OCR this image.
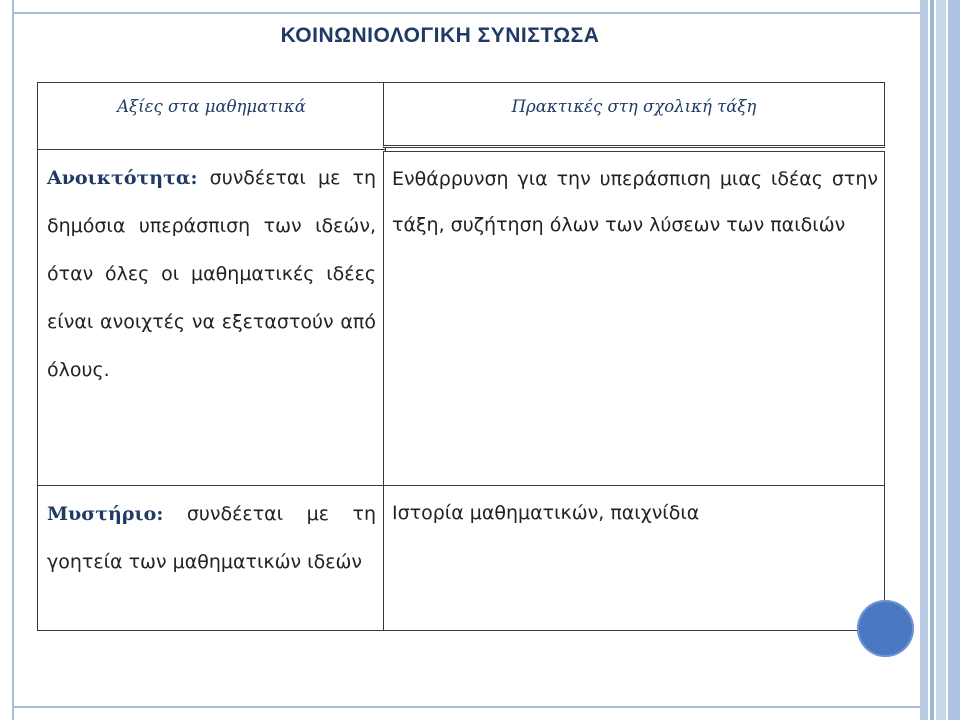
ΚΟΙΝΩΝΙΟΛΟΓΙΚΗ ΣΥΝΙΣΤΩΣΑ
Αξίες στα μαθηματικά	Πρακτικές στη σχολική τάξη
Ανοικτότητα: συνδέεται με τη δημόσια υπεράσπιση των ιδεών, όταν όλες οι μαθηματικές ιδέες είναι ανοιχτές να εξεταστούν από όλους.
Ενθάρρυνση για την υπεράσπιση μιας ιδέας στην τάξη, συζήτηση όλων των λύσεων των παιδιών
Μυστήριο: συνδέεται με τη γοητεία των μαθηματικών ιδεών
Ιστορία μαθηματικών, παιχνίδια
